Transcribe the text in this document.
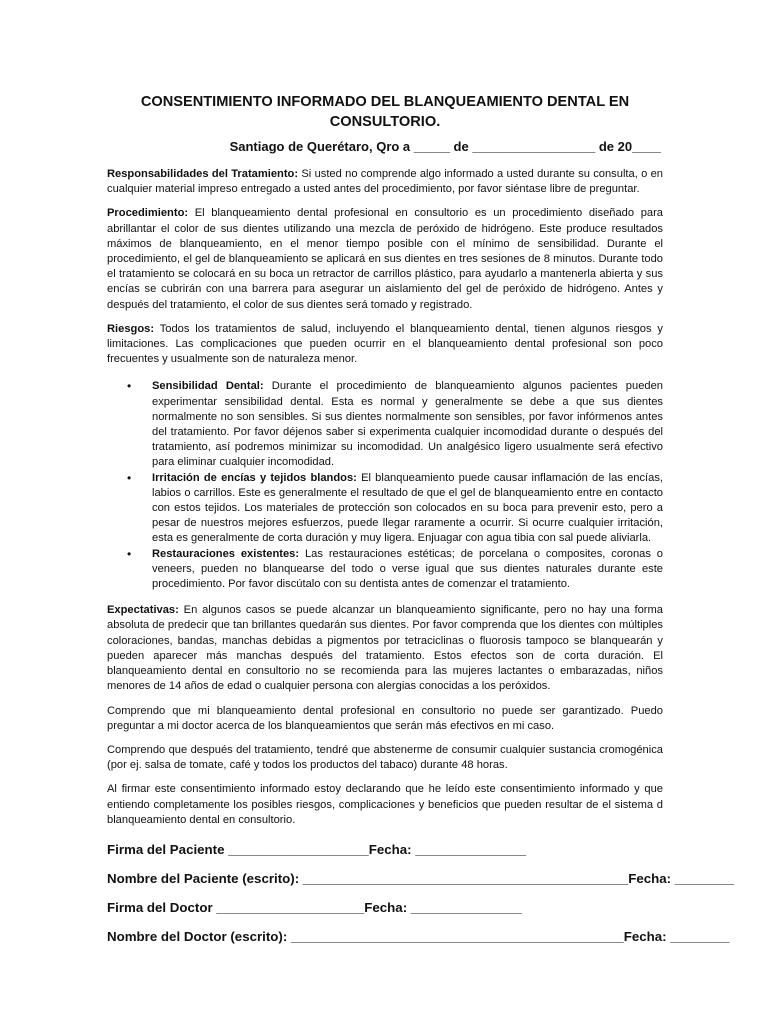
CONSENTIMIENTO INFORMADO DEL BLANQUEAMIENTO DENTAL EN CONSULTORIO.

Santiago de Querétaro, Qro a _____ de _________________ de 20____

Responsabilidades del Tratamiento: Si usted no comprende algo informado a usted durante su consulta, o en cualquier material impreso entregado a usted antes del procedimiento, por favor siéntase libre de preguntar.

Procedimiento: El blanqueamiento dental profesional en consultorio es un procedimiento diseñado para abrillantar el color de sus dientes utilizando una mezcla de peróxido de hidrógeno. Este produce resultados máximos de blanqueamiento, en el menor tiempo posible con el mínimo de sensibilidad. Durante el procedimiento, el gel de blanqueamiento se aplicará en sus dientes en tres sesiones de 8 minutos. Durante todo el tratamiento se colocará en su boca un retractor de carrillos plástico, para ayudarlo a mantenerla abierta y sus encías se cubrirán con una barrera para asegurar un aislamiento del gel de peróxido de hidrógeno. Antes y después del tratamiento, el color de sus dientes será tomado y registrado.

Riesgos: Todos los tratamientos de salud, incluyendo el blanqueamiento dental, tienen algunos riesgos y limitaciones. Las complicaciones que pueden ocurrir en el blanqueamiento dental profesional son poco frecuentes y usualmente son de naturaleza menor.

• Sensibilidad Dental: Durante el procedimiento de blanqueamiento algunos pacientes pueden experimentar sensibilidad dental. Esta es normal y generalmente se debe a que sus dientes normalmente no son sensibles. Si sus dientes normalmente son sensibles, por favor infórmenos antes del tratamiento. Por favor déjenos saber si experimenta cualquier incomodidad durante o después del tratamiento, así podremos minimizar su incomodidad. Un analgésico ligero usualmente será efectivo para eliminar cualquier incomodidad.
• Irritación de encías y tejidos blandos: El blanqueamiento puede causar inflamación de las encías, labios o carrillos. Este es generalmente el resultado de que el gel de blanqueamiento entre en contacto con estos tejidos. Los materiales de protección son colocados en su boca para prevenir esto, pero a pesar de nuestros mejores esfuerzos, puede llegar raramente a ocurrir. Si ocurre cualquier irritación, esta es generalmente de corta duración y muy ligera. Enjuagar con agua tibia con sal puede aliviarla.
• Restauraciones existentes: Las restauraciones estéticas; de porcelana o composites, coronas o veneers, pueden no blanquearse del todo o verse igual que sus dientes naturales durante este procedimiento. Por favor discútalo con su dentista antes de comenzar el tratamiento.

Expectativas: En algunos casos se puede alcanzar un blanqueamiento significante, pero no hay una forma absoluta de predecir que tan brillantes quedarán sus dientes. Por favor comprenda que los dientes con múltiples coloraciones, bandas, manchas debidas a pigmentos por tetraciclinas o fluorosis tampoco se blanquearán y pueden aparecer más manchas después del tratamiento. Estos efectos son de corta duración. El blanqueamiento dental en consultorio no se recomienda para las mujeres lactantes o embarazadas, niños menores de 14 años de edad o cualquier persona con alergias conocidas a los peróxidos.

Comprendo que mi blanqueamiento dental profesional en consultorio no puede ser garantizado. Puedo preguntar a mi doctor acerca de los blanqueamientos que serán más efectivos en mi caso.

Comprendo que después del tratamiento, tendré que abstenerme de consumir cualquier sustancia cromogénica (por ej. salsa de tomate, café y todos los productos del tabaco) durante 48 horas.

Al firmar este consentimiento informado estoy declarando que he leído este consentimiento informado y que entiendo completamente los posibles riesgos, complicaciones y beneficios que pueden resultar de el sistema d blanqueamiento dental en consultorio.

Firma del Paciente ___________________Fecha: _______________

Nombre del Paciente (escrito): ____________________________________________Fecha: ________

Firma del Doctor ____________________Fecha: _______________

Nombre del Doctor (escrito): _____________________________________________Fecha: ________
